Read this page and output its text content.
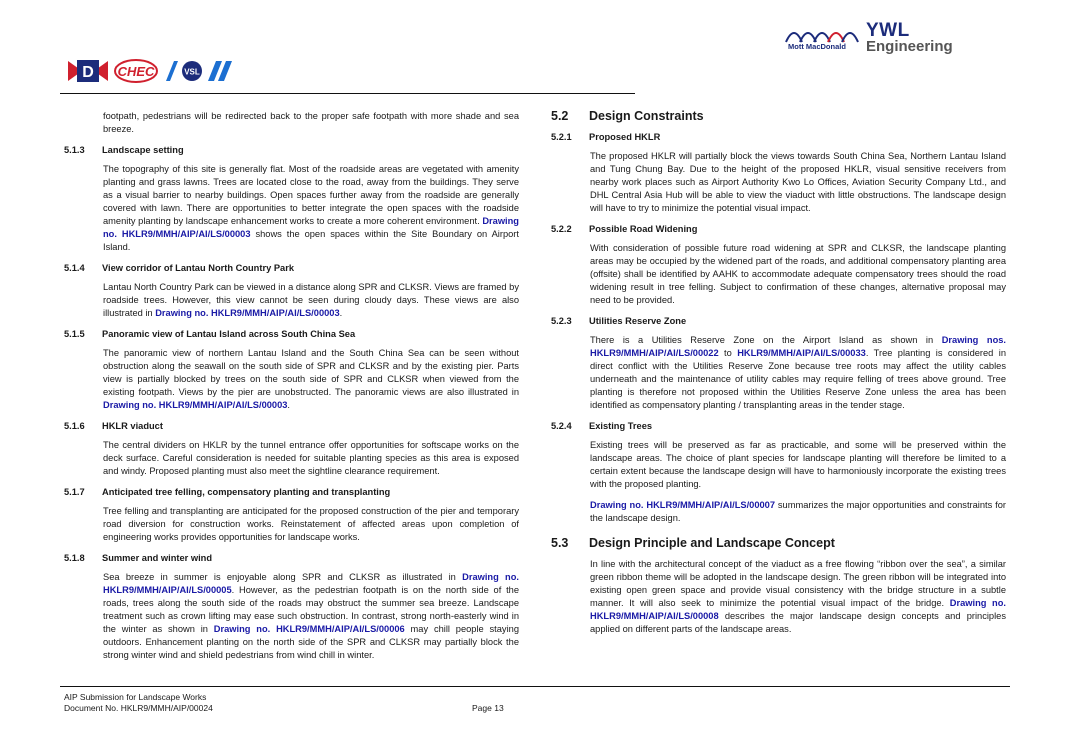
D CHEC	VSL
Mott MacDonald
YWL
Engineering

footpath, pedestrians will be redirected back to the proper safe footpath with more shade and sea breeze.

5.1.3	Landscape setting

The topography of this site is generally flat. Most of the roadside areas are vegetated with amenity planting and grass lawns. Trees are located close to the road, away from the buildings. They serve as a visual barrier to nearby buildings. Open spaces further away from the roadside are generally covered with lawn. There are opportunities to better integrate the open spaces with the roadside amenity planting by landscape enhancement works to create a more coherent environment. Drawing no. HKLR9/MMH/AIP/AI/LS/00003 shows the open spaces within the Site Boundary on Airport Island.

5.1.4	View corridor of Lantau North Country Park

Lantau North Country Park can be viewed in a distance along SPR and CLKSR. Views are framed by roadside trees. However, this view cannot be seen during cloudy days. These views are also illustrated in Drawing no. HKLR9/MMH/AIP/AI/LS/00003.

5.1.5	Panoramic view of Lantau Island across South China Sea

The panoramic view of northern Lantau Island and the South China Sea can be seen without obstruction along the seawall on the south side of SPR and CLKSR and by the existing pier. Parts view is partially blocked by trees on the south side of SPR and CLKSR when viewed from the existing footpath. Views by the pier are unobstructed. The panoramic views are also illustrated in Drawing no. HKLR9/MMH/AIP/AI/LS/00003.

5.1.6	HKLR viaduct

The central dividers on HKLR by the tunnel entrance offer opportunities for softscape works on the deck surface. Careful consideration is needed for suitable planting species as this area is exposed and windy. Proposed planting must also meet the sightline clearance requirement.

5.1.7	Anticipated tree felling, compensatory planting and transplanting

Tree felling and transplanting are anticipated for the proposed construction of the pier and temporary road diversion for construction works. Reinstatement of affected areas upon completion of engineering works provides opportunities for landscape works.

5.1.8	Summer and winter wind

Sea breeze in summer is enjoyable along SPR and CLKSR as illustrated in Drawing no. HKLR9/MMH/AIP/AI/LS/00005. However, as the pedestrian footpath is on the north side of the roads, trees along the south side of the roads may obstruct the summer sea breeze. Landscape treatment such as crown lifting may ease such obstruction. In contrast, strong north-easterly wind in the winter as shown in Drawing no. HKLR9/MMH/AIP/AI/LS/00006 may chill people staying outdoors. Enhancement planting on the north side of the SPR and CLKSR may partially block the strong winter wind and shield pedestrians from wind chill in winter.

5.2	Design Constraints
5.2.1	Proposed HKLR

The proposed HKLR will partially block the views towards South China Sea, Northern Lantau Island and Tung Chung Bay. Due to the height of the proposed HKLR, visual sensitive receivers from nearby work places such as Airport Authority Kwo Lo Offices, Aviation Security Company Ltd., and DHL Central Asia Hub will be able to view the viaduct with little obstructions. The landscape design will have to try to minimize the potential visual impact.

5.2.2	Possible Road Widening

With consideration of possible future road widening at SPR and CLKSR, the landscape planting areas may be occupied by the widened part of the roads, and additional compensatory planting area (offsite) shall be identified by AAHK to accommodate adequate compensatory trees should the road widening result in tree felling. Subject to confirmation of these changes, alternative proposal may need to be provided.

5.2.3	Utilities Reserve Zone

There is a Utilities Reserve Zone on the Airport Island as shown in Drawing nos. HKLR9/MMH/AIP/AI/LS/00022 to HKLR9/MMH/AIP/AI/LS/00033. Tree planting is considered in direct conflict with the Utilities Reserve Zone because tree roots may affect the utility cables underneath and the maintenance of utility cables may require felling of trees above ground. Tree planting is therefore not proposed within the Utilities Reserve Zone unless the area has been identified as compensatory planting / transplanting areas in the tender stage.

5.2.4	Existing Trees

Existing trees will be preserved as far as practicable, and some will be preserved within the landscape areas. The choice of plant species for landscape planting will therefore be limited to a certain extent because the landscape design will have to harmoniously incorporate the existing trees with the proposed planting.

Drawing no. HKLR9/MMH/AIP/AI/LS/00007 summarizes the major opportunities and constraints for the landscape design.

5.3	Design Principle and Landscape Concept

In line with the architectural concept of the viaduct as a free flowing “ribbon over the sea”, a similar green ribbon theme will be adopted in the landscape design. The green ribbon will be integrated into existing open green space and provide visual consistency with the bridge structure in a subtle manner. It will also seek to minimize the potential visual impact of the bridge. Drawing no. HKLR9/MMH/AIP/AI/LS/00008 describes the major landscape design concepts and principles applied on different parts of the landscape areas.

AIP Submission for Landscape Works
Document No. HKLR9/MMH/AIP/00024	Page 13
